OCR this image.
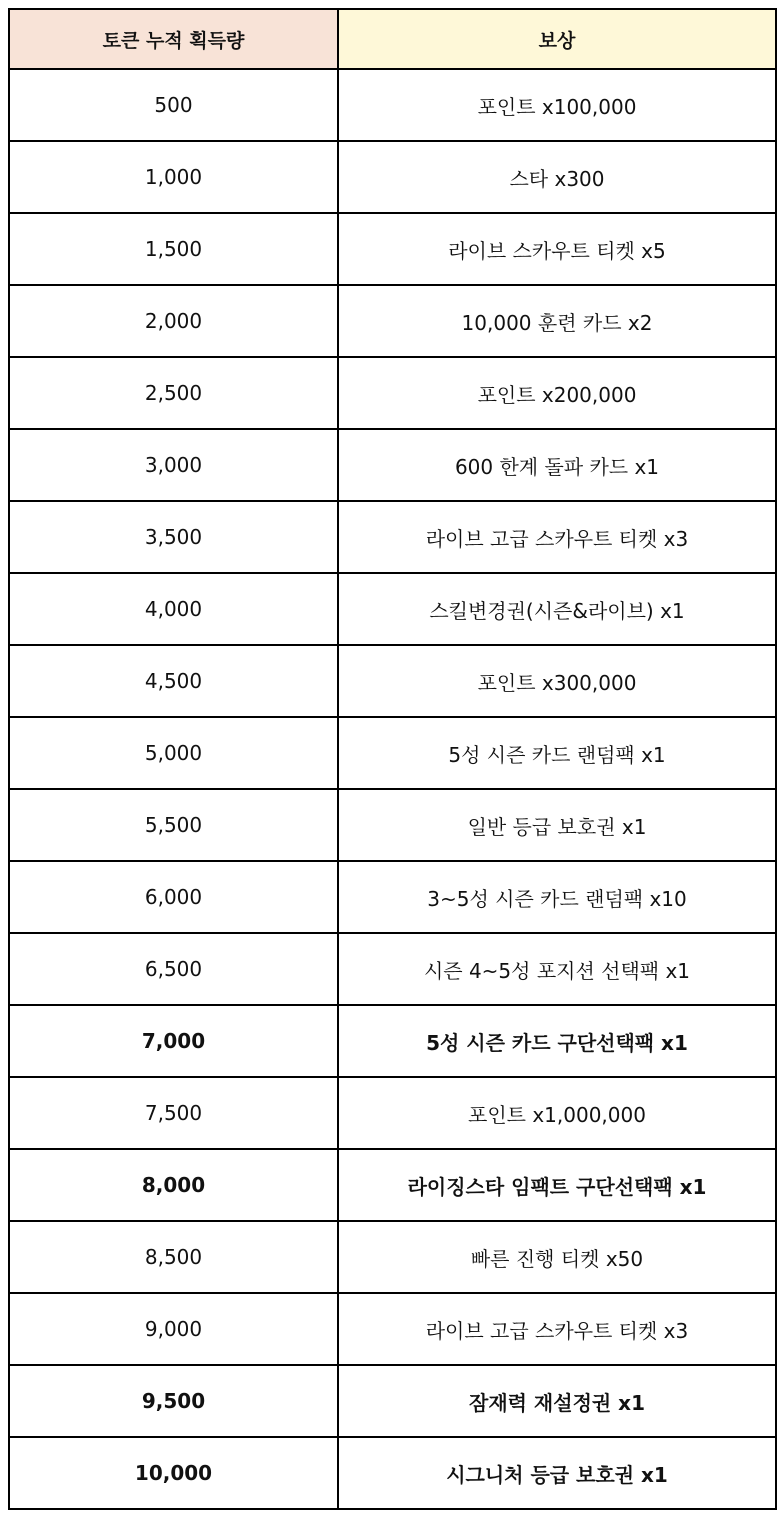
토큰 누적 획득량	보상
500	포인트 x100,000
1,000	스타 x300
1,500	라이브 스카우트 티켓 x5
2,000	10,000 훈련 카드 x2
2,500	포인트 x200,000
3,000	600 한계 돌파 카드 x1
3,500	라이브 고급 스카우트 티켓 x3
4,000	스킬변경권(시즌&라이브) x1
4,500	포인트 x300,000
5,000	5성 시즌 카드 랜덤팩 x1
5,500	일반 등급 보호권 x1
6,000	3~5성 시즌 카드 랜덤팩 x10
6,500	시즌 4~5성 포지션 선택팩 x1
7,000	5성 시즌 카드 구단선택팩 x1
7,500	포인트 x1,000,000
8,000	라이징스타 임팩트 구단선택팩 x1
8,500	빠른 진행 티켓 x50
9,000	라이브 고급 스카우트 티켓 x3
9,500	잠재력 재설정권 x1
10,000	시그니처 등급 보호권 x1
